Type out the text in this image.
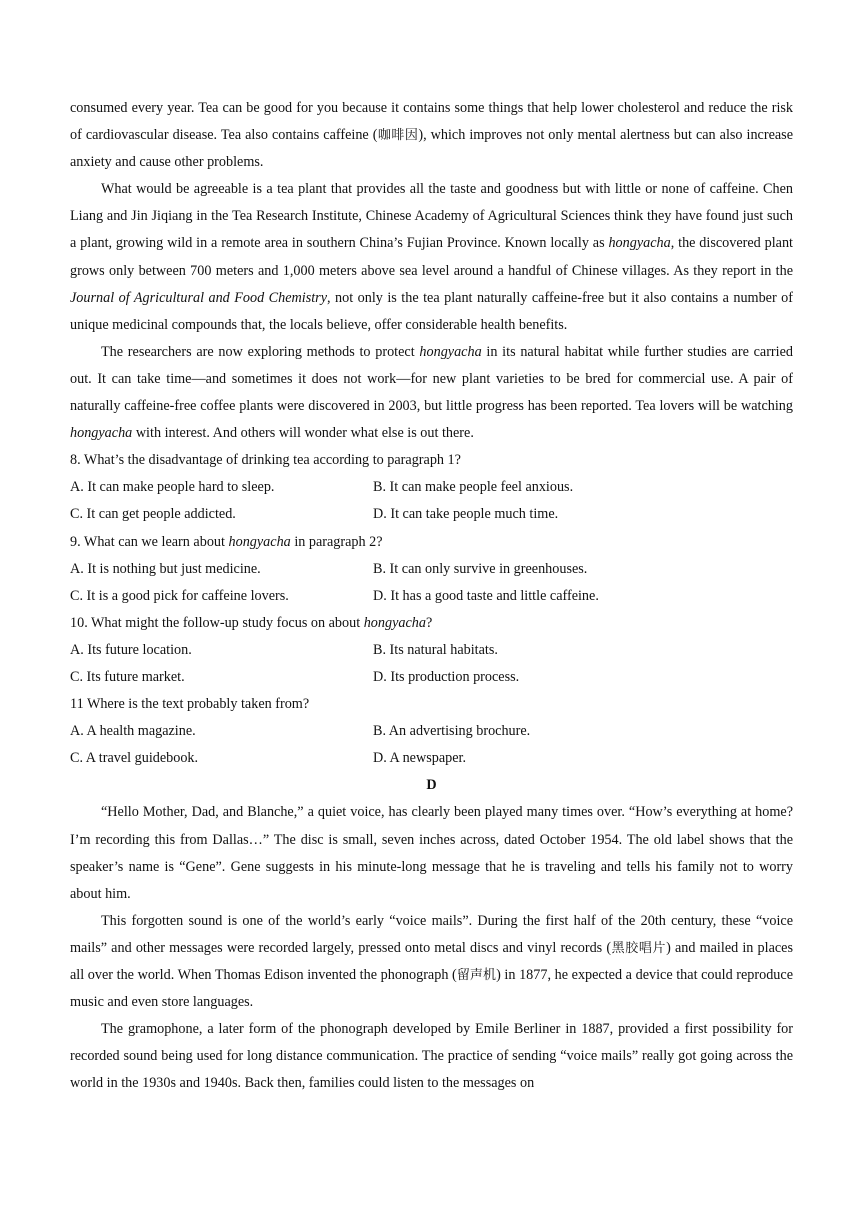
consumed every year. Tea can be good for you because it contains some things that help lower cholesterol and reduce the risk of cardiovascular disease. Tea also contains caffeine (咖啡因), which improves not only mental alertness but can also increase anxiety and cause other problems.

What would be agreeable is a tea plant that provides all the taste and goodness but with little or none of caffeine. Chen Liang and Jin Jiqiang in the Tea Research Institute, Chinese Academy of Agricultural Sciences think they have found just such a plant, growing wild in a remote area in southern China’s Fujian Province. Known locally as hongyacha, the discovered plant grows only between 700 meters and 1,000 meters above sea level around a handful of Chinese villages. As they report in the Journal of Agricultural and Food Chemistry, not only is the tea plant naturally caffeine-free but it also contains a number of unique medicinal compounds that, the locals believe, offer considerable health benefits.

The researchers are now exploring methods to protect hongyacha in its natural habitat while further studies are carried out. It can take time—and sometimes it does not work—for new plant varieties to be bred for commercial use. A pair of naturally caffeine-free coffee plants were discovered in 2003, but little progress has been reported. Tea lovers will be watching hongyacha with interest. And others will wonder what else is out there.

8. What’s the disadvantage of drinking tea according to paragraph 1?

A. It can make people hard to sleep.	B. It can make people feel anxious.
C. It can get people addicted.	D. It can take people much time.

9. What can we learn about hongyacha in paragraph 2?

A. It is nothing but just medicine.	B. It can only survive in greenhouses.
C. It is a good pick for caffeine lovers.	D. It has a good taste and little caffeine.

10. What might the follow-up study focus on about hongyacha?

A. Its future location.	B. Its natural habitats.
C. Its future market.	D. Its production process.

11 Where is the text probably taken from?

A. A health magazine.	B. An advertising brochure.
C. A travel guidebook.	D. A newspaper.

D

“Hello Mother, Dad, and Blanche,” a quiet voice, has clearly been played many times over. “How’s everything at home? I’m recording this from Dallas…” The disc is small, seven inches across, dated October 1954. The old label shows that the speaker’s name is “Gene”. Gene suggests in his minute-long message that he is traveling and tells his family not to worry about him.

This forgotten sound is one of the world’s early “voice mails”. During the first half of the 20th century, these “voice mails” and other messages were recorded largely, pressed onto metal discs and vinyl records (黑胶唱片) and mailed in places all over the world. When Thomas Edison invented the phonograph (留声机) in 1877, he expected a device that could reproduce music and even store languages.

The gramophone, a later form of the phonograph developed by Emile Berliner in 1887, provided a first possibility for recorded sound being used for long distance communication. The practice of sending “voice mails” really got going across the world in the 1930s and 1940s. Back then, families could listen to the messages on
